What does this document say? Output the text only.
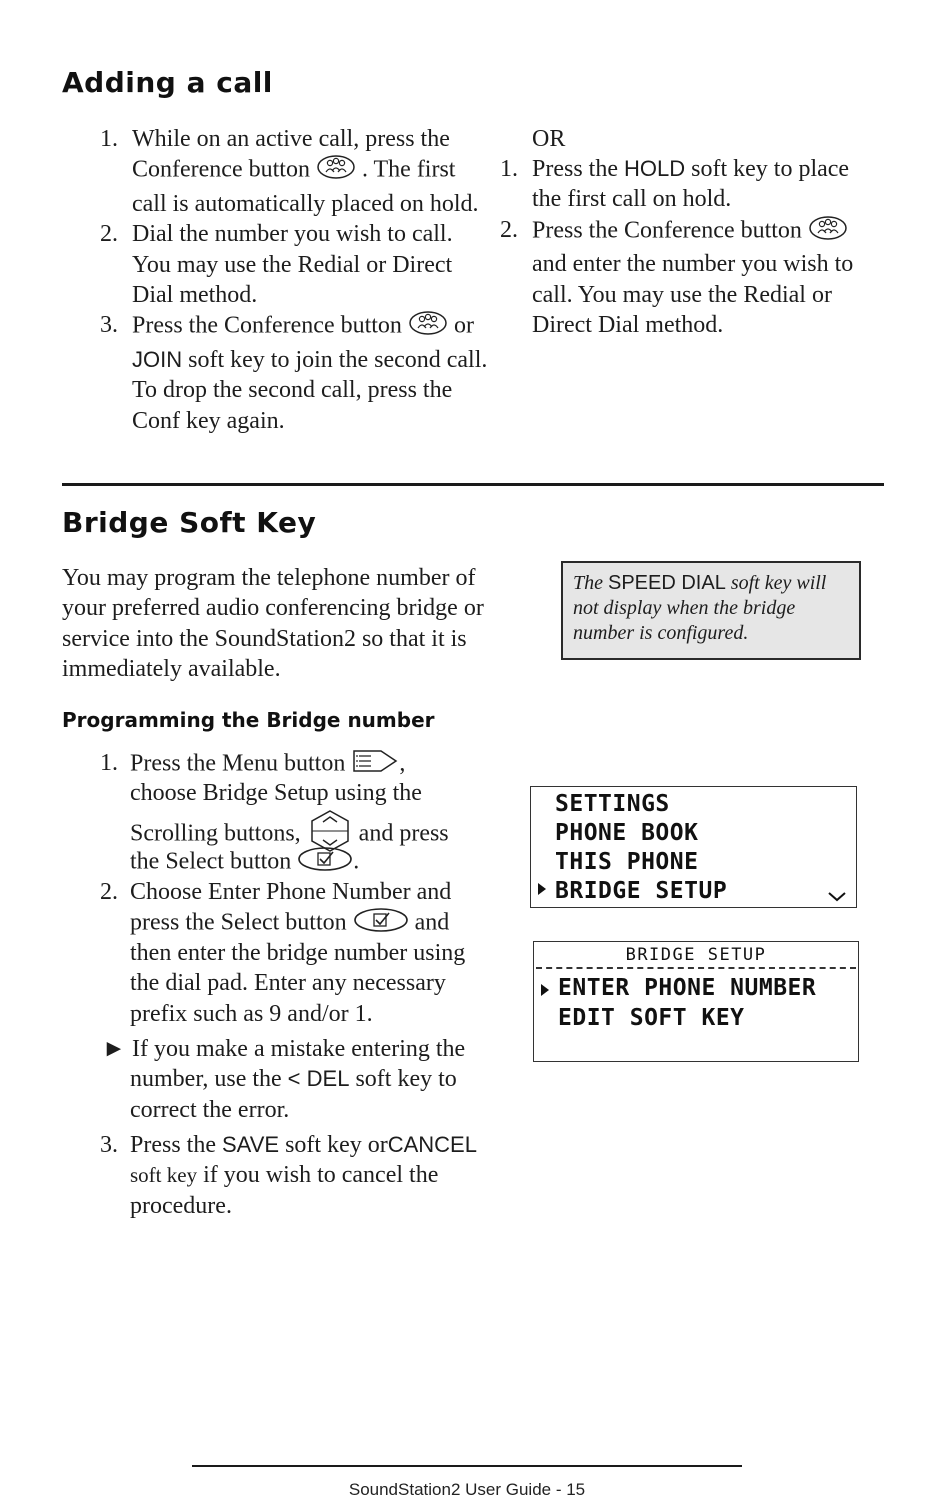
Adding a call
1. While on an active call, press the Conference button . The first call is automatically placed on hold.
2. Dial the number you wish to call. You may use the Redial or Direct Dial method.
3. Press the Conference button or JOIN soft key to join the second call. To drop the second call, press the Conf key again.
OR
1. Press the HOLD soft key to place the first call on hold.
2. Press the Conference button  and enter the number you wish to call. You may use the Redial or Direct Dial method.
Bridge Soft Key
You may program the telephone number of your preferred audio conferencing bridge or service into the SoundStation2 so that it is immediately available.
The SPEED DIAL soft key will not display when the bridge number is configured.
Programming the Bridge number
1. Press the Menu button ,
choose Bridge Setup using the
Scrolling buttons, and press
the Select button	.
2. Choose Enter Phone Number and
press the Select button	and
then enter the bridge number using the dial pad. Enter any necessary prefix such as 9 and/or 1.
► If you make a mistake entering the number, use the < DEL soft key to correct the error.
3. Press the SAVE soft key orCANCEL soft key if you wish to cancel the procedure.
SETTINGS
PHONE BOOK
THIS PHONE
BRIDGE SETUP
BRIDGE SETUP
ENTER PHONE NUMBER
EDIT SOFT KEY
SoundStation2 User Guide - 15
